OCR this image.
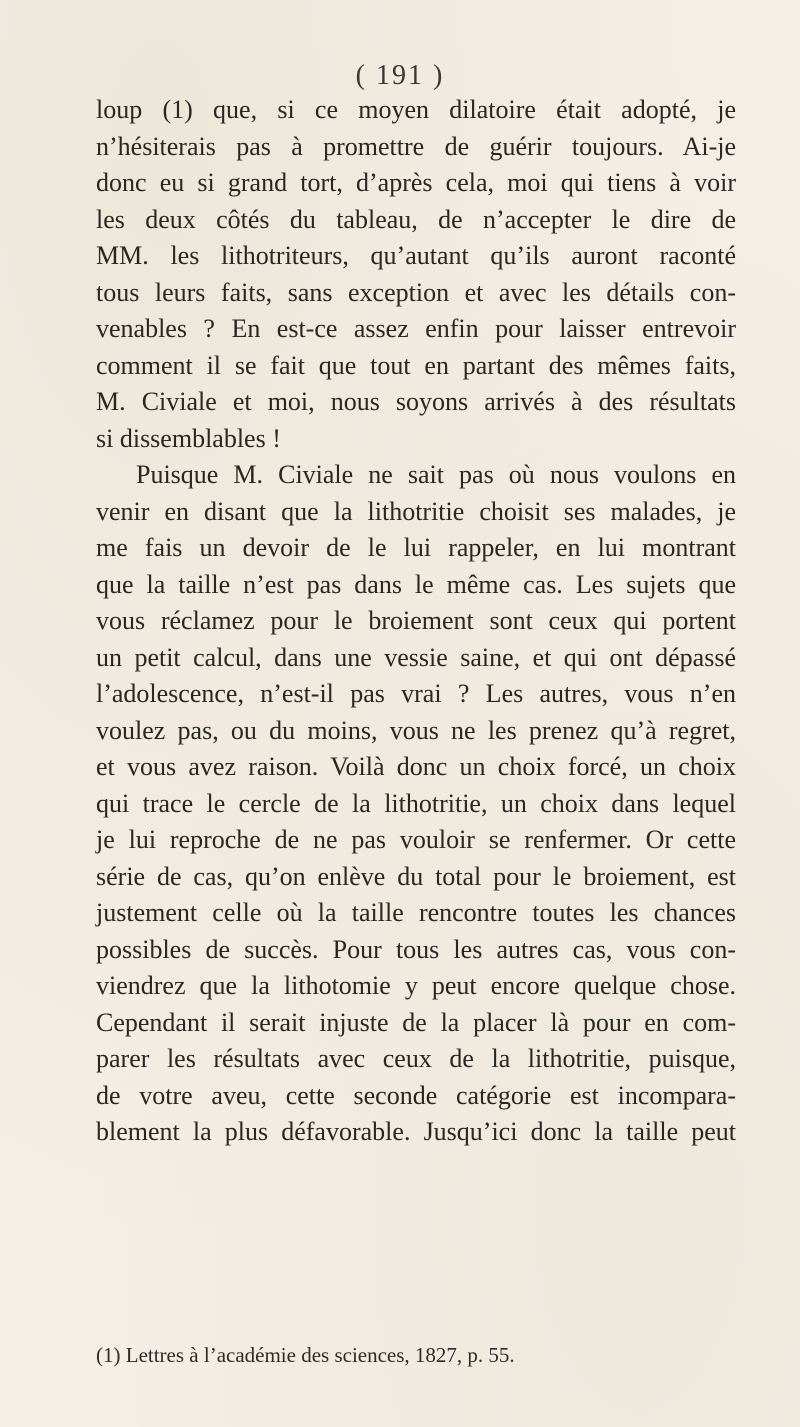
( 191 )
loup (1) que, si ce moyen dilatoire était adopté, je
n’hésiterais pas à promettre de guérir toujours. Ai-je
donc eu si grand tort, d’après cela, moi qui tiens à voir
les deux côtés du tableau, de n’accepter le dire de
MM. les lithotriteurs, qu’autant qu’ils auront raconté
tous leurs faits, sans exception et avec les détails con-
venables ? En est-ce assez enfin pour laisser entrevoir
comment il se fait que tout en partant des mêmes faits,
M. Civiale et moi, nous soyons arrivés à des résultats
si dissemblables !
Puisque M. Civiale ne sait pas où nous voulons en
venir en disant que la lithotritie choisit ses malades, je
me fais un devoir de le lui rappeler, en lui montrant
que la taille n’est pas dans le même cas. Les sujets que
vous réclamez pour le broiement sont ceux qui portent
un petit calcul, dans une vessie saine, et qui ont dépassé
l’adolescence, n’est-il pas vrai ? Les autres, vous n’en
voulez pas, ou du moins, vous ne les prenez qu’à regret,
et vous avez raison. Voilà donc un choix forcé, un choix
qui trace le cercle de la lithotritie, un choix dans lequel
je lui reproche de ne pas vouloir se renfermer. Or cette
série de cas, qu’on enlève du total pour le broiement, est
justement celle où la taille rencontre toutes les chances
possibles de succès. Pour tous les autres cas, vous con-
viendrez que la lithotomie y peut encore quelque chose.
Cependant il serait injuste de la placer là pour en com-
parer les résultats avec ceux de la lithotritie, puisque,
de votre aveu, cette seconde catégorie est incompara-
blement la plus défavorable. Jusqu’ici donc la taille peut
(1) Lettres à l’académie des sciences, 1827, p. 55.
